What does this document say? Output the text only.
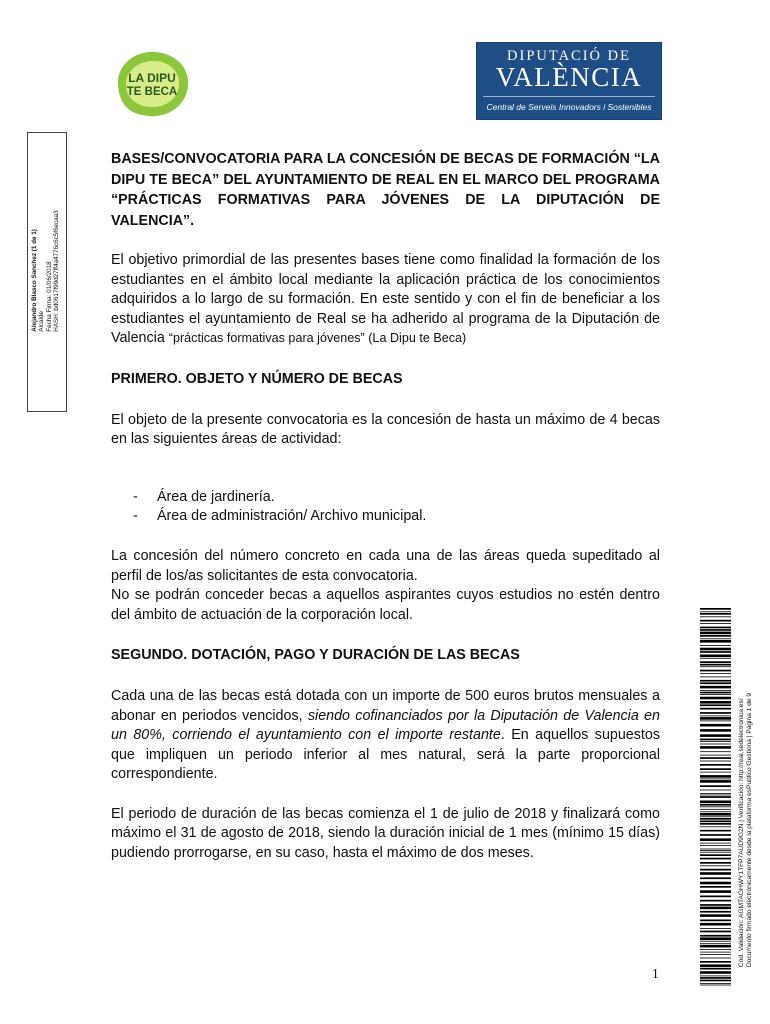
LA DIPU
TE BECA
DIPUTACIÓ DE
VALÈNCIA
Central de Serveis Innovadors i Sostenibles
Alejandro Blasco Sanchez (1 de 1) Alcalde Fecha Firma: 01/06/2018 HASH: bd0617f99d27ff4a4776c6c5f6ecaa3
Cód. Validación: AGMTAGHWY1TFP7AUD9G2N | Verificación: http://real.sedelectronica.es/ Documento firmado electrónicamente desde la plataforma esPublico Gestiona | Página 1 de 9
BASES/CONVOCATORIA PARA LA CONCESIÓN DE BECAS DE FORMACIÓN “LA DIPU TE BECA” DEL AYUNTAMIENTO DE REAL EN EL MARCO DEL PROGRAMA “PRÁCTICAS FORMATIVAS PARA JÓVENES DE LA DIPUTACIÓN DE VALENCIA”.

El objetivo primordial de las presentes bases tiene como finalidad la formación de los estudiantes en el ámbito local mediante la aplicación práctica de los conocimientos adquiridos a lo largo de su formación. En este sentido y con el fin de beneficiar a los estudiantes el ayuntamiento de Real se ha adherido al programa de la Diputación de Valencia “prácticas formativas para jóvenes” (La Dipu te Beca)

PRIMERO. OBJETO Y NÚMERO DE BECAS

El objeto de la presente convocatoria es la concesión de hasta un máximo de 4 becas en las siguientes áreas de actividad:

- Área de jardinería.
- Área de administración/ Archivo municipal.

La concesión del número concreto en cada una de las áreas queda supeditado al perfil de los/as solicitantes de esta convocatoria.

No se podrán conceder becas a aquellos aspirantes cuyos estudios no estén dentro del ámbito de actuación de la corporación local.

SEGUNDO. DOTACIÓN, PAGO Y DURACIÓN DE LAS BECAS

Cada una de las becas está dotada con un importe de 500 euros brutos mensuales a abonar en periodos vencidos, siendo cofinanciados por la Diputación de Valencia en un 80%, corriendo el ayuntamiento con el importe restante. En aquellos supuestos que impliquen un periodo inferior al mes natural, será la parte proporcional correspondiente.

El periodo de duración de las becas comienza el 1 de julio de 2018 y finalizará como máximo el 31 de agosto de 2018, siendo la duración inicial de 1 mes (mínimo 15 días) pudiendo prorrogarse, en su caso, hasta el máximo de dos meses.

1
